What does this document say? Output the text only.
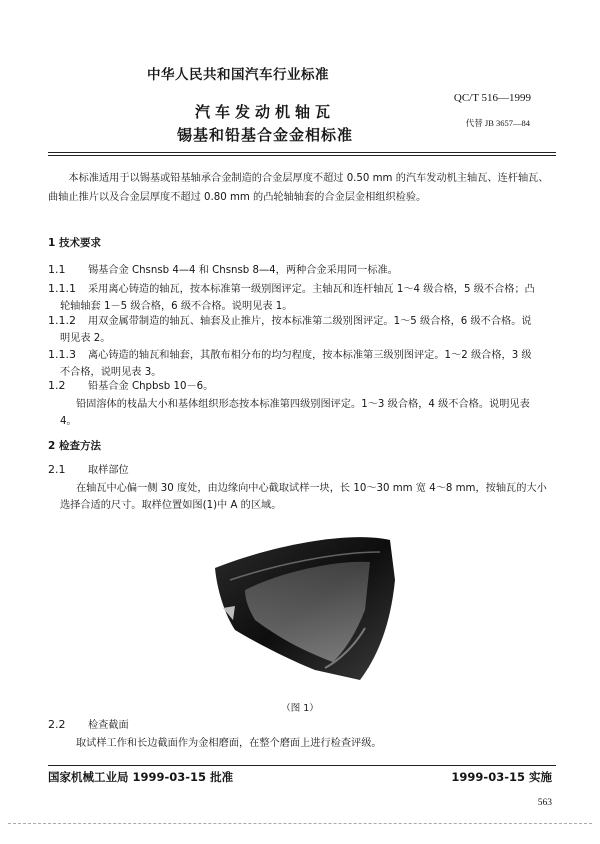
中华人民共和国汽车行业标准
QC/T 516—1999
汽车发动机轴瓦
锡基和铅基合金金相标准
代替 JB 3657—84

本标准适用于以锡基或铅基轴承合金制造的合金层厚度不超过 0.50 mm 的汽车发动机主轴瓦、连杆轴瓦、曲轴止推片以及合金层厚度不超过 0.80 mm 的凸轮轴轴套的合金层金相组织检验。

1 技术要求
1.1 锡基合金 Chsnsb 4—4 和 Chsnsb 8—4，两种合金采用同一标准。
1.1.1 采用离心铸造的轴瓦，按本标准第一级别图评定。主轴瓦和连杆轴瓦 1～4 级合格，5 级不合格；凸
轮轴轴套 1－5 级合格，6 级不合格。说明见表 1。
1.1.2 用双金属带制造的轴瓦、轴套及止推片，按本标准第二级别图评定。1～5 级合格，6 级不合格。说
明见表 2。
1.1.3 离心铸造的轴瓦和轴套，其散布相分布的均匀程度，按本标准第三级别图评定。1～2 级合格，3 级
不合格，说明见表 3。
1.2 铅基合金 Chpbsb 10－6。
铅固溶体的枝晶大小和基体组织形态按本标准第四级别图评定。1～3 级合格，4 级不合格。说明见表
4。
2 检查方法
2.1 取样部位
在轴瓦中心偏一侧 30 度处，由边缘向中心截取试样一块，长 10～30 mm 宽 4～8 mm，按轴瓦的大小
选择合适的尺寸。取样位置如图(1)中 A 的区域。
（图 1）
2.2 检查截面
取试样工作和长边截面作为金相磨面，在整个磨面上进行检查评级。
国家机械工业局 1999-03-15 批准	1999-03-15 实施
563
